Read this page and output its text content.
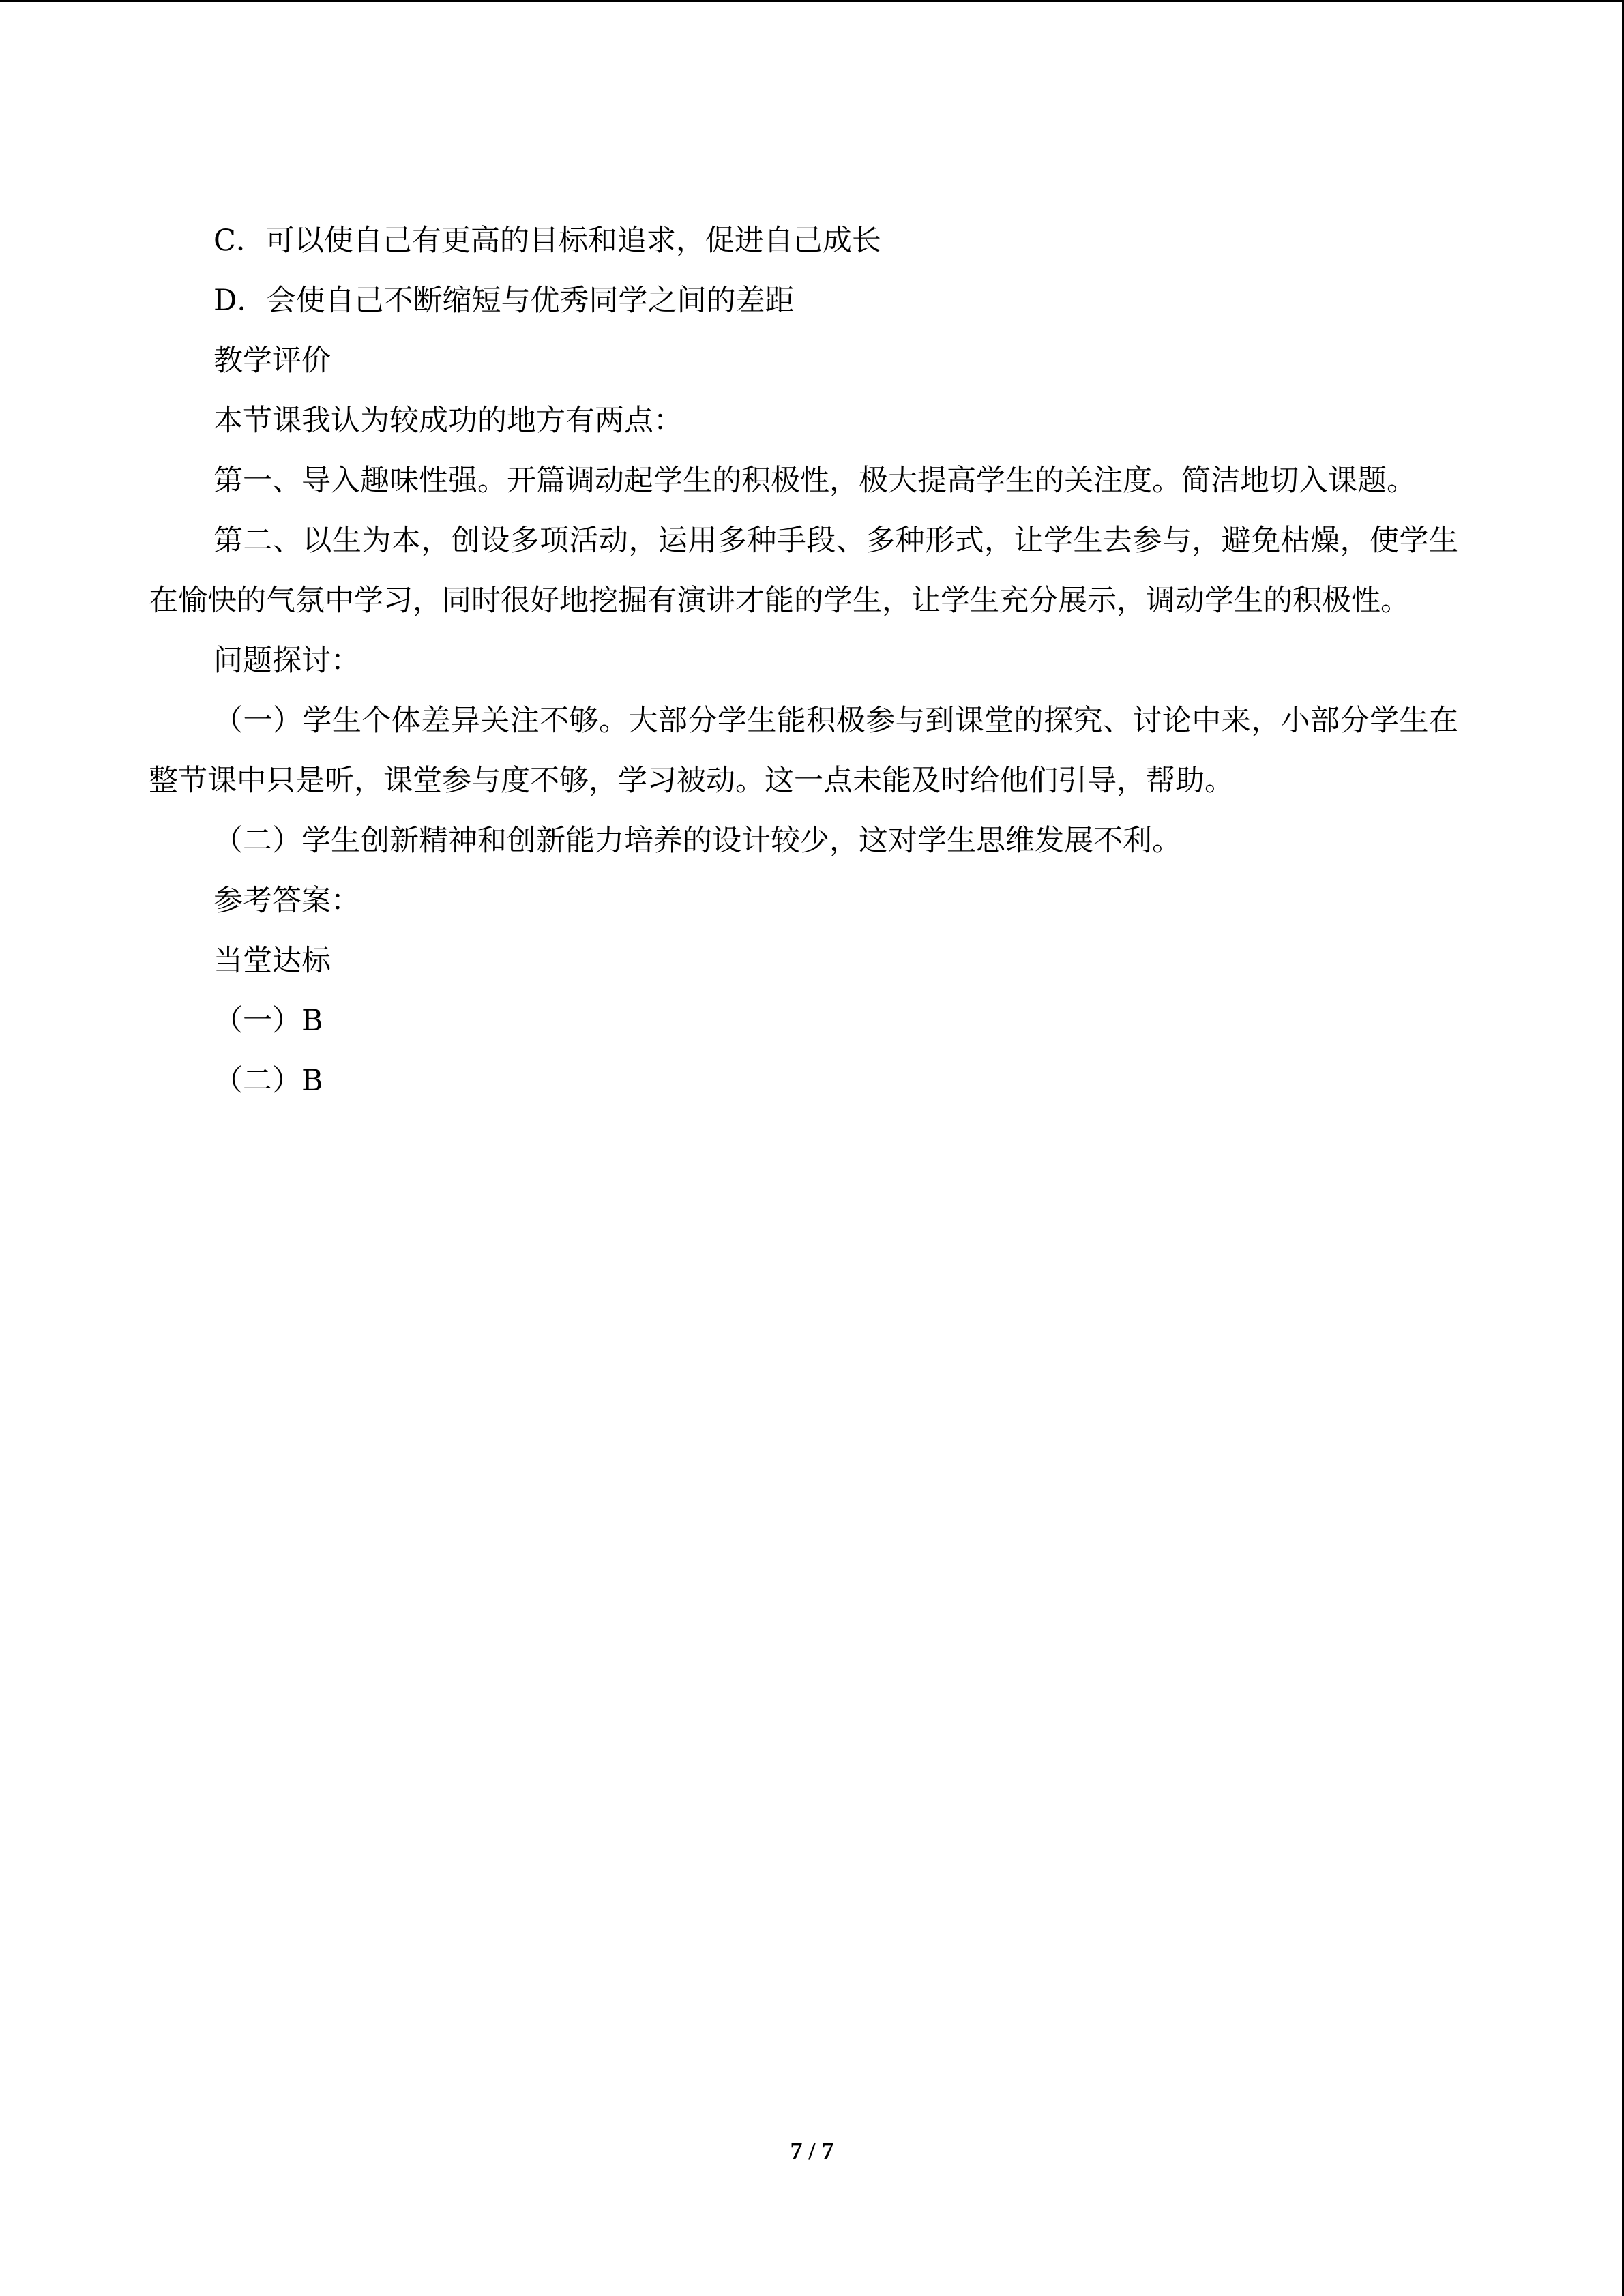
C．可以使自己有更高的目标和追求，促进自己成长

D．会使自己不断缩短与优秀同学之间的差距

教学评价

本节课我认为较成功的地方有两点：

第一、导入趣味性强。开篇调动起学生的积极性，极大提高学生的关注度。简洁地切入课题。

第二、以生为本，创设多项活动，运用多种手段、多种形式，让学生去参与，避免枯燥，使学生在愉快的气氛中学习，同时很好地挖掘有演讲才能的学生，让学生充分展示，调动学生的积极性。

问题探讨：

（一）学生个体差异关注不够。大部分学生能积极参与到课堂的探究、讨论中来，小部分学生在整节课中只是听，课堂参与度不够，学习被动。这一点未能及时给他们引导，帮助。

（二）学生创新精神和创新能力培养的设计较少，这对学生思维发展不利。

参考答案：

当堂达标

（一）B

（二）B

7 / 7
